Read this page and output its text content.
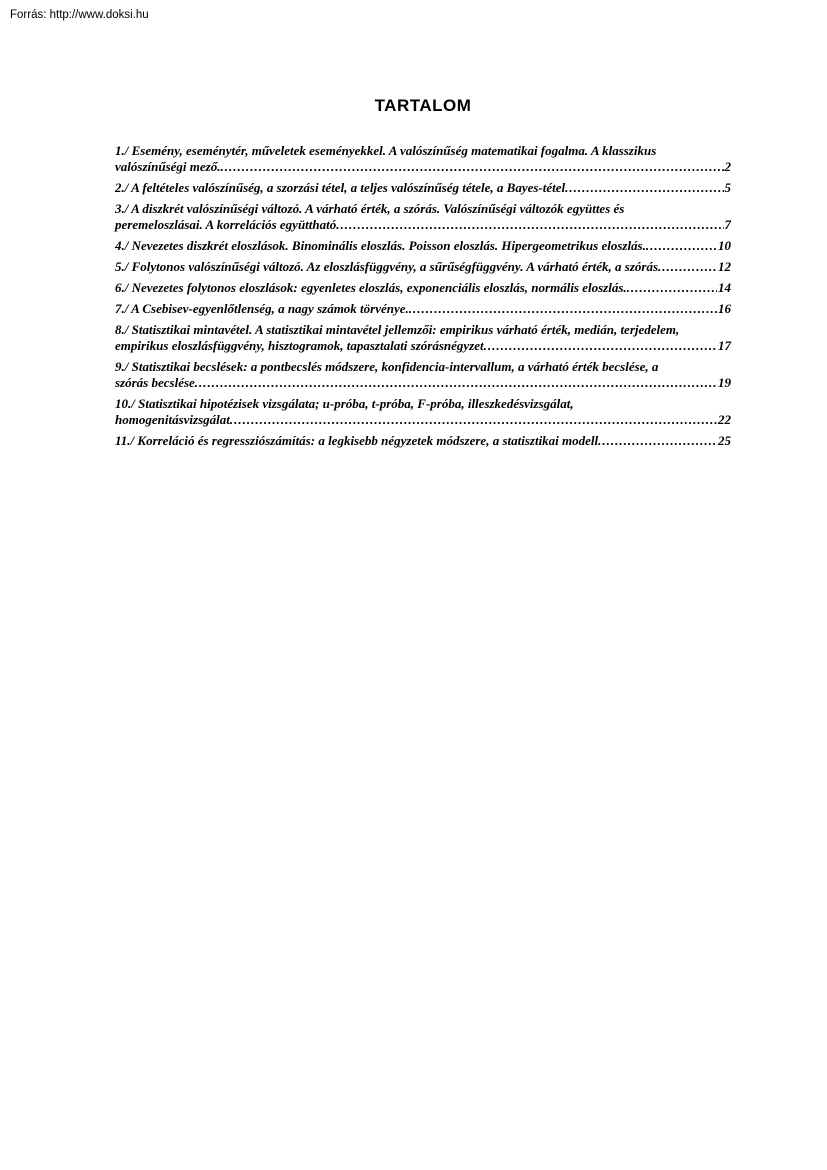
Forrás: http://www.doksi.hu
TARTALOM
1./ Esemény, eseménytér, műveletek eseményekkel. A valószínűség matematikai fogalma. A klasszikus
valószínűségi mező. .....	2
2./ A feltételes valószínűség, a szorzási tétel, a teljes valószínűség tétele, a Bayes-tétel .....	5
3./ A diszkrét valószínűségi változó. A várható érték, a szórás. Valószínűségi változók együttes és
peremeloszlásai. A korrelációs együttható .....	7
4./ Nevezetes diszkrét eloszlások. Binominális eloszlás. Poisson eloszlás. Hipergeometrikus eloszlás. .....	10
5./ Folytonos valószínűségi változó. Az eloszlásfüggvény, a sűrűségfüggvény. A várható érték, a szórás .....	12
6./ Nevezetes folytonos eloszlások: egyenletes eloszlás, exponenciális eloszlás, normális eloszlás. .....	14
7./ A Csebisev-egyenlőtlenség, a nagy számok törvénye. .....	16
8./ Statisztikai mintavétel. A statisztikai mintavétel jellemzői: empirikus várható érték, medián, terjedelem,
empirikus eloszlásfüggvény, hisztogramok, tapasztalati szórásnégyzet .....	17
9./ Statisztikai becslések: a pontbecslés módszere, konfidencia-intervallum, a várható érték becslése, a
szórás becslése .....	19
10./ Statisztikai hipotézisek vizsgálata; u-próba, t-próba, F-próba, illeszkedésvizsgálat,
homogenitásvizsgálat .....	22
11./ Korreláció és regressziószámítás: a legkisebb négyzetek módszere, a statisztikai modell .....	25
